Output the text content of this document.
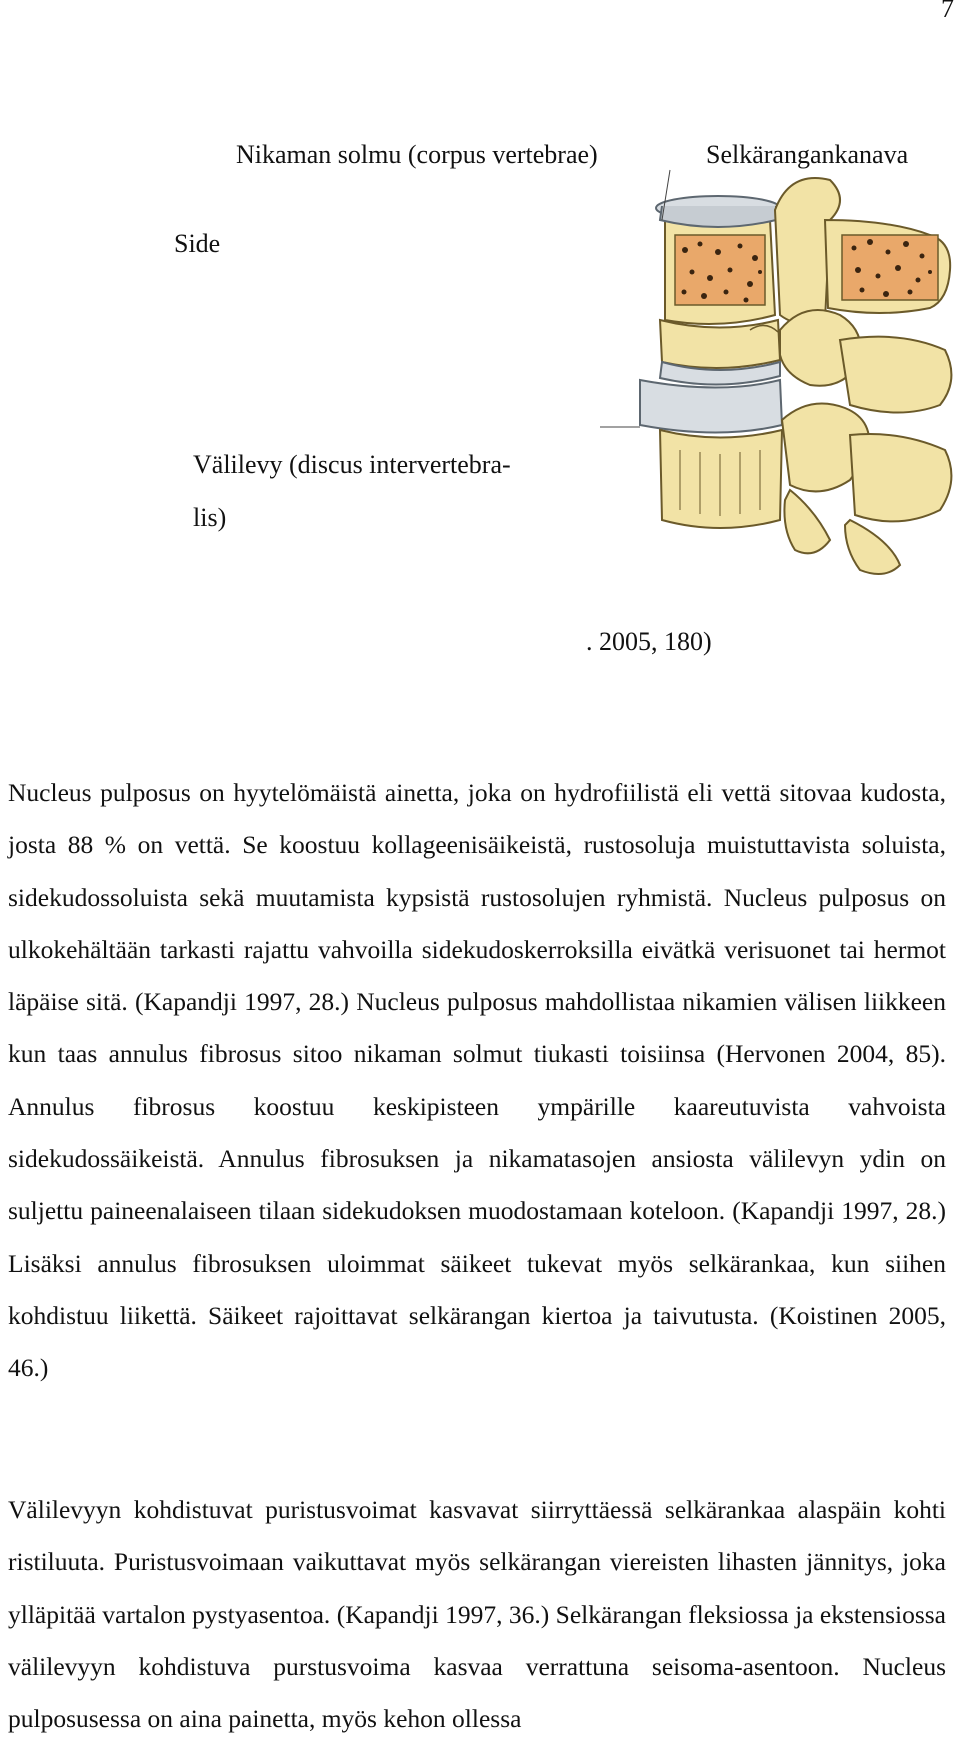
7
Nikaman solmu (corpus vertebrae)	Selkärangankanava
Side
Välilevy (discus intervertebra-
lis)
. 2005, 180)

Nucleus pulposus on hyytelömäistä ainetta, joka on hydrofiilistä eli vettä sitovaa kudosta, josta 88 % on vettä. Se koostuu kollageenisäikeistä, rustosoluja muistuttavista soluista, sidekudossoluista sekä muutamista kypsistä rustosolujen ryhmistä. Nucleus pulposus on ulkokehältään tarkasti rajattu vahvoilla sidekudoskerroksilla eivätkä verisuonet tai hermot läpäise sitä. (Kapandji 1997, 28.) Nucleus pulposus mahdollistaa nikamien välisen liikkeen kun taas annulus fibrosus sitoo nikaman solmut tiukasti toisiinsa (Hervonen 2004, 85). Annulus fibrosus koostuu keskipisteen ympärille kaareutuvista vahvoista sidekudossäikeistä. Annulus fibrosuksen ja nikamatasojen ansiosta välilevyn ydin on suljettu paineenalaiseen tilaan sidekudoksen muodostamaan koteloon. (Kapandji 1997, 28.) Lisäksi annulus fibrosuksen uloimmat säikeet tukevat myös selkärankaa, kun siihen kohdistuu liikettä. Säikeet rajoittavat selkärangan kiertoa ja taivutusta. (Koistinen 2005, 46.)

Välilevyyn kohdistuvat puristusvoimat kasvavat siirryttäessä selkärankaa alaspäin kohti ristiluuta. Puristusvoimaan vaikuttavat myös selkärangan viereisten lihasten jännitys, joka ylläpitää vartalon pystyasentoa. (Kapandji 1997, 36.) Selkärangan fleksiossa ja ekstensiossa välilevyyn kohdistuva purstusvoima kasvaa verrattuna seisoma-asentoon. Nucleus pulposusessa on aina painetta, myös kehon ollessa
